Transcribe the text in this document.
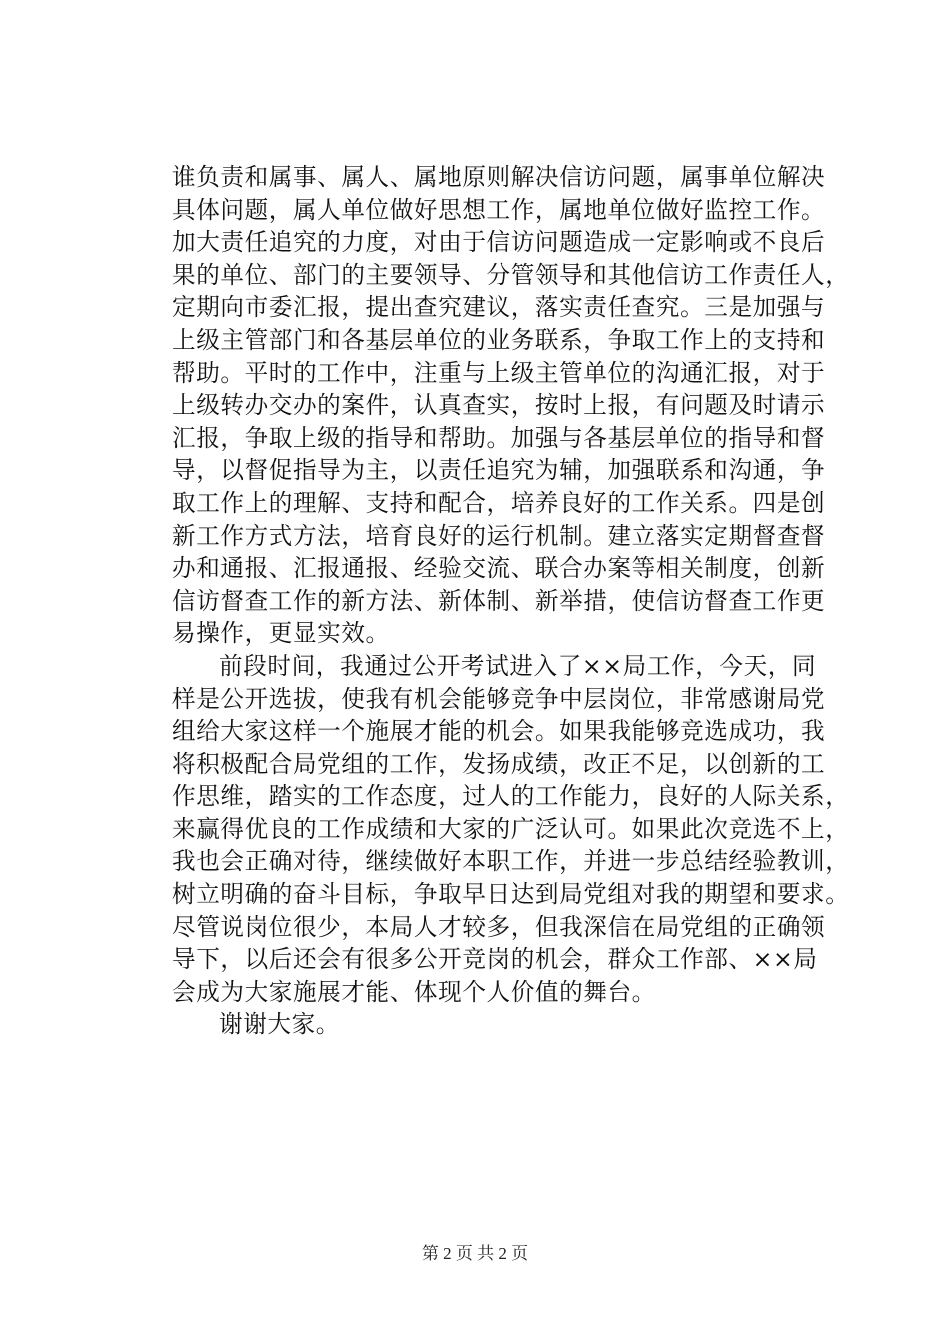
谁负责和属事、属人、属地原则解决信访问题，属事单位解决
具体问题，属人单位做好思想工作，属地单位做好监控工作。
加大责任追究的力度，对由于信访问题造成一定影响或不良后
果的单位、部门的主要领导、分管领导和其他信访工作责任人，
定期向市委汇报，提出查究建议，落实责任查究。三是加强与
上级主管部门和各基层单位的业务联系，争取工作上的支持和
帮助。平时的工作中，注重与上级主管单位的沟通汇报，对于
上级转办交办的案件，认真查实，按时上报，有问题及时请示
汇报，争取上级的指导和帮助。加强与各基层单位的指导和督
导，以督促指导为主，以责任追究为辅，加强联系和沟通，争
取工作上的理解、支持和配合，培养良好的工作关系。四是创
新工作方式方法，培育良好的运行机制。建立落实定期督查督
办和通报、汇报通报、经验交流、联合办案等相关制度，创新
信访督查工作的新方法、新体制、新举措，使信访督查工作更
易操作，更显实效。
前段时间，我通过公开考试进入了××局工作，今天，同
样是公开选拔，使我有机会能够竞争中层岗位，非常感谢局党
组给大家这样一个施展才能的机会。如果我能够竞选成功，我
将积极配合局党组的工作，发扬成绩，改正不足，以创新的工
作思维，踏实的工作态度，过人的工作能力，良好的人际关系，
来赢得优良的工作成绩和大家的广泛认可。如果此次竞选不上，
我也会正确对待，继续做好本职工作，并进一步总结经验教训，
树立明确的奋斗目标，争取早日达到局党组对我的期望和要求。
尽管说岗位很少，本局人才较多，但我深信在局党组的正确领
导下，以后还会有很多公开竞岗的机会，群众工作部、××局
会成为大家施展才能、体现个人价值的舞台。
谢谢大家。
第 2 页 共 2 页
